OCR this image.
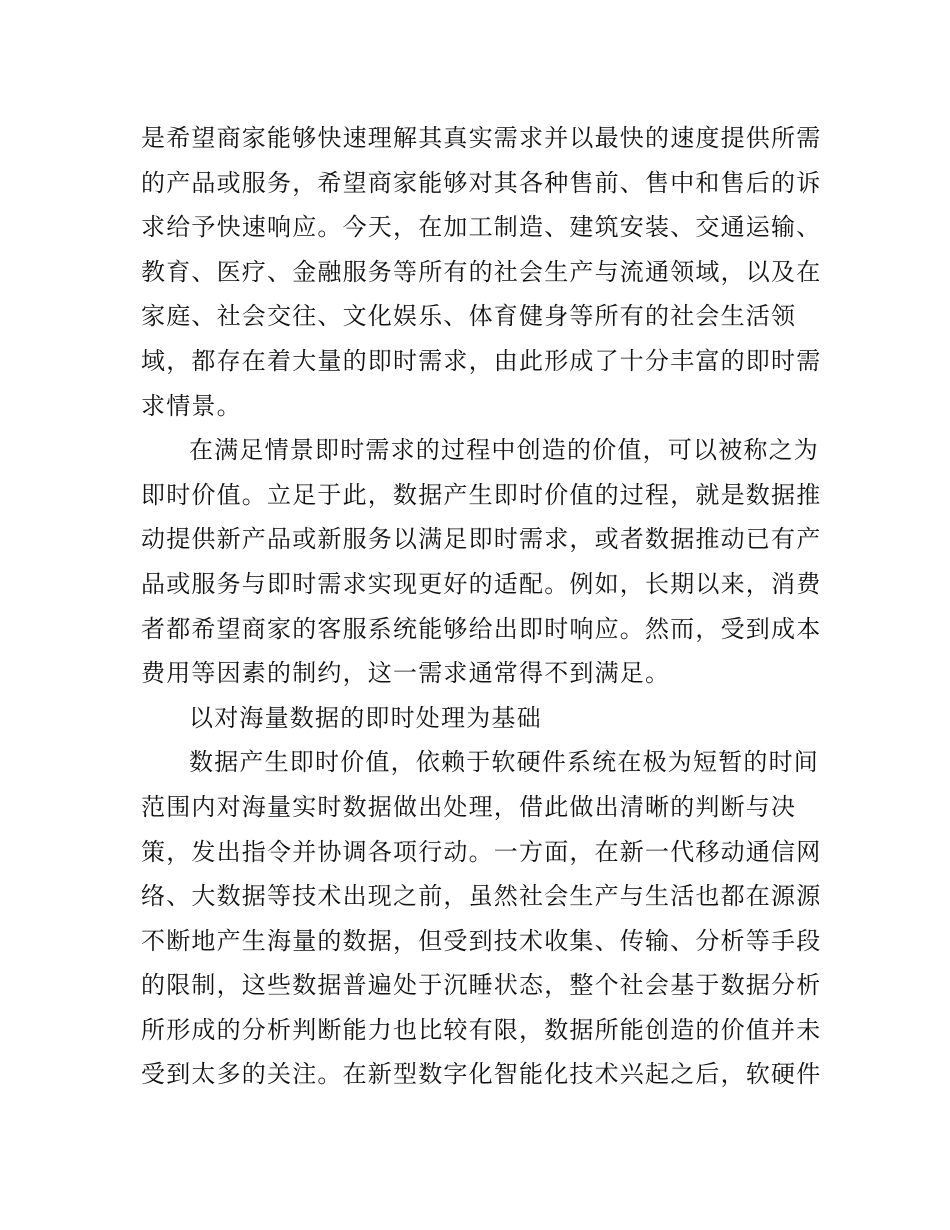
是希望商家能够快速理解其真实需求并以最快的速度提供所需
的产品或服务，希望商家能够对其各种售前、售中和售后的诉
求给予快速响应。今天，在加工制造、建筑安装、交通运输、
教育、医疗、金融服务等所有的社会生产与流通领域，以及在
家庭、社会交往、文化娱乐、体育健身等所有的社会生活领
域，都存在着大量的即时需求，由此形成了十分丰富的即时需
求情景。

在满足情景即时需求的过程中创造的价值，可以被称之为
即时价值。立足于此，数据产生即时价值的过程，就是数据推
动提供新产品或新服务以满足即时需求，或者数据推动已有产
品或服务与即时需求实现更好的适配。例如，长期以来，消费
者都希望商家的客服系统能够给出即时响应。然而，受到成本
费用等因素的制约，这一需求通常得不到满足。

以对海量数据的即时处理为基础

数据产生即时价值，依赖于软硬件系统在极为短暂的时间
范围内对海量实时数据做出处理，借此做出清晰的判断与决
策，发出指令并协调各项行动。一方面，在新一代移动通信网
络、大数据等技术出现之前，虽然社会生产与生活也都在源源
不断地产生海量的数据，但受到技术收集、传输、分析等手段
的限制，这些数据普遍处于沉睡状态，整个社会基于数据分析
所形成的分析判断能力也比较有限，数据所能创造的价值并未
受到太多的关注。在新型数字化智能化技术兴起之后，软硬件
